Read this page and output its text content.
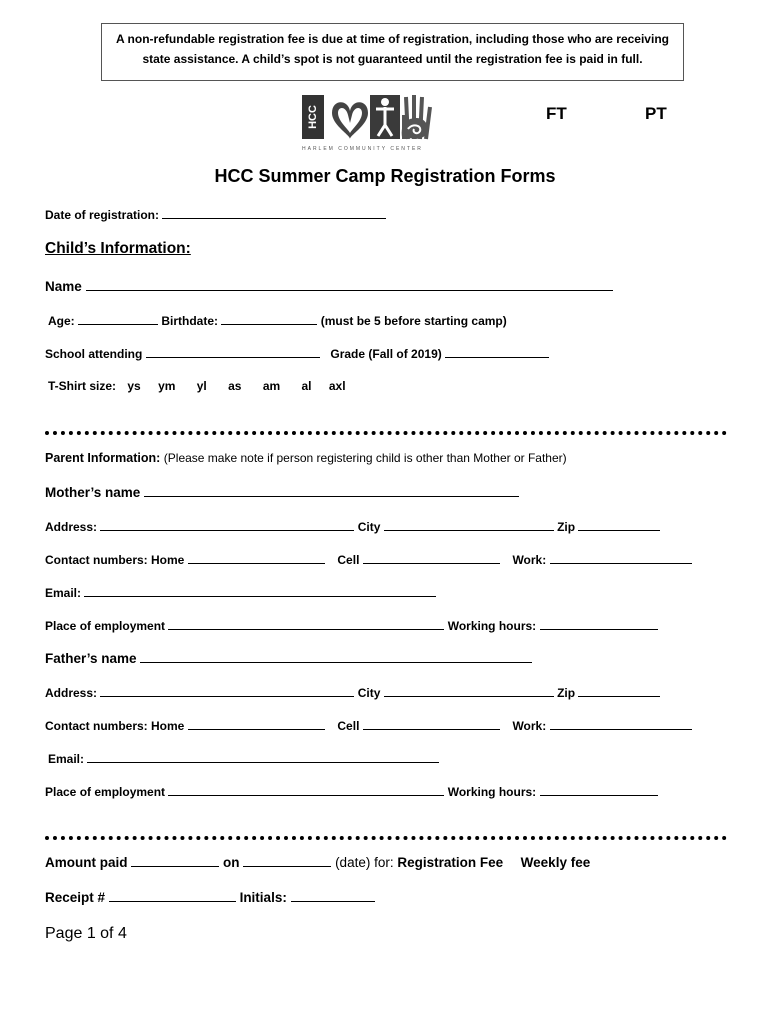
A non-refundable registration fee is due at time of registration, including those who are receiving
state assistance. A child’s spot is not guaranteed until the registration fee is paid in full.
HCC
HARLEM COMMUNITY CENTER
FT	PT
HCC Summer Camp Registration Forms
Date of registration:
Child’s Information:
Name
Age:	Birthdate:	(must be 5 before starting camp)
School attending	Grade (Fall of 2019)
T-Shirt size: ys ym yl as am al axl
Parent Information: (Please make note if person registering child is other than Mother or Father)
Mother’s name
Address:	City	Zip
Contact numbers: Home	Cell	Work:
Email:
Place of employment	Working hours:
Father’s name
Address:	City	Zip
Contact numbers: Home	Cell	Work:
Email:
Place of employment	Working hours:
Amount paid	on	(date) for: Registration Fee Weekly fee
Receipt #	Initials:
Page 1 of 4
